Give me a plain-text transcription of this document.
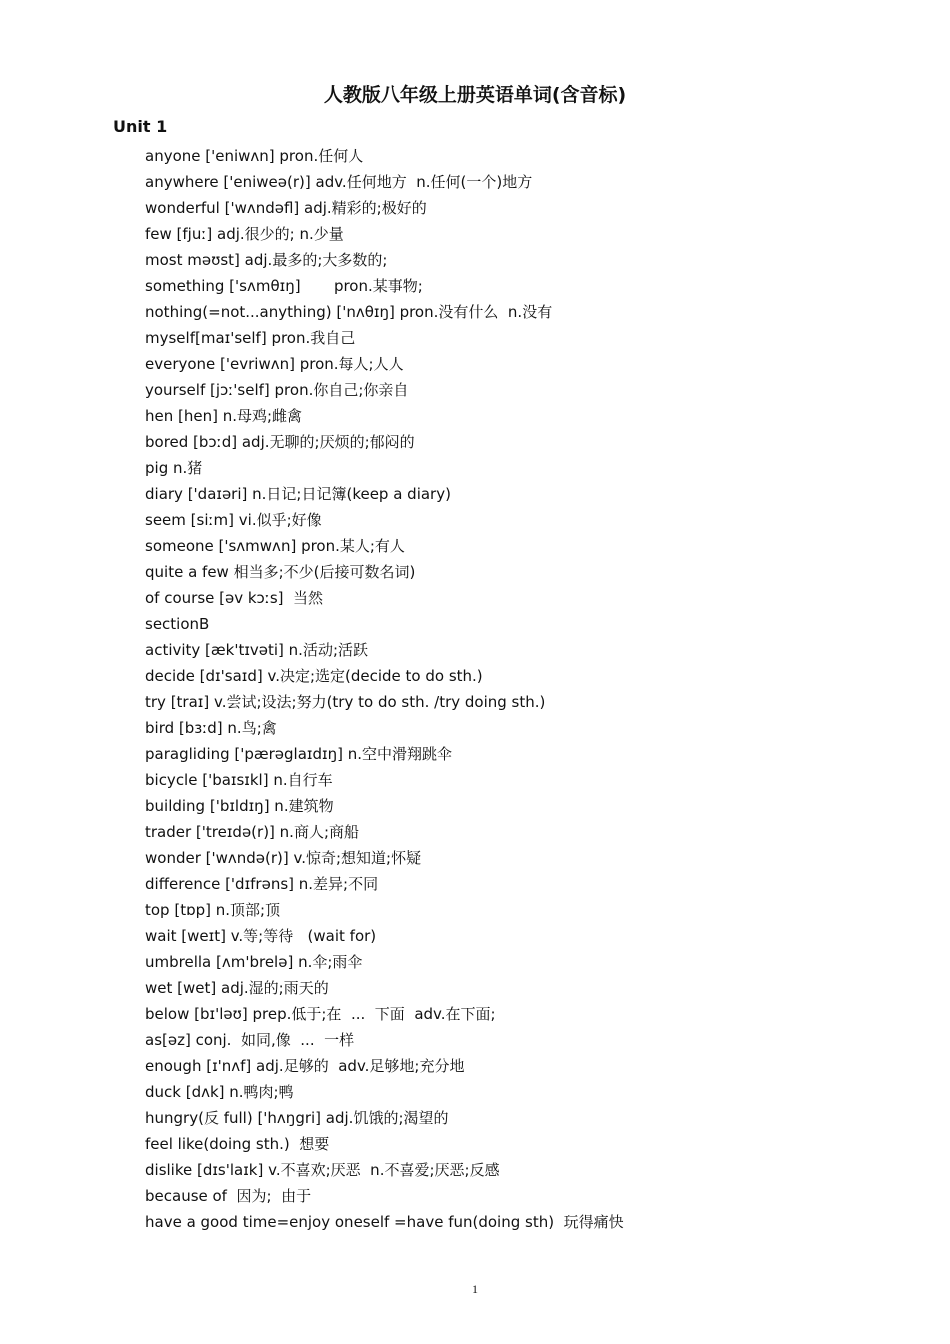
人教版八年级上册英语单词(含音标)
Unit 1
anyone ['eniwʌn] pron.任何人
anywhere ['eniweə(r)] adv.任何地方  n.任何(一个)地方
wonderful ['wʌndəfl] adj.精彩的;极好的
few [fjuː] adj.很少的; n.少量
most məʊst] adj.最多的;大多数的;
something ['sʌmθɪŋ]       pron.某事物;
nothing(=not...anything) ['nʌθɪŋ] pron.没有什么  n.没有
myself[maɪ'self] pron.我自己
everyone ['evriwʌn] pron.每人;人人
yourself [jɔː'self] pron.你自己;你亲自
hen [hen] n.母鸡;雌禽
bored [bɔːd] adj.无聊的;厌烦的;郁闷的
pig n.猪
diary ['daɪəri] n.日记;日记簿(keep a diary)
seem [siːm] vi.似乎;好像
someone ['sʌmwʌn] pron.某人;有人
quite a few 相当多;不少(后接可数名词)
of course [əv kɔːs]  当然
sectionB
activity [æk'tɪvəti] n.活动;活跃
decide [dɪ'saɪd] v.决定;选定(decide to do sth.)
try [traɪ] v.尝试;设法;努力(try to do sth. /try doing sth.)
bird [bɜːd] n.鸟;禽
paragliding ['pærəglaɪdɪŋ] n.空中滑翔跳伞
bicycle ['baɪsɪkl] n.自行车
building ['bɪldɪŋ] n.建筑物
trader ['treɪdə(r)] n.商人;商船
wonder ['wʌndə(r)] v.惊奇;想知道;怀疑
difference ['dɪfrəns] n.差异;不同
top [tɒp] n.顶部;顶
wait [weɪt] v.等;等待   (wait for)
umbrella [ʌm'brelə] n.伞;雨伞
wet [wet] adj.湿的;雨天的
below [bɪ'ləʊ] prep.低于;在  ...  下面  adv.在下面;
as[əz] conj.  如同,像  ...  一样
enough [ɪ'nʌf] adj.足够的  adv.足够地;充分地
duck [dʌk] n.鸭肉;鸭
hungry(反 full) ['hʌŋgri] adj.饥饿的;渴望的
feel like(doing sth.)  想要
dislike [dɪs'laɪk] v.不喜欢;厌恶  n.不喜爱;厌恶;反感
because of  因为;  由于
have a good time=enjoy oneself =have fun(doing sth)  玩得痛快
1
